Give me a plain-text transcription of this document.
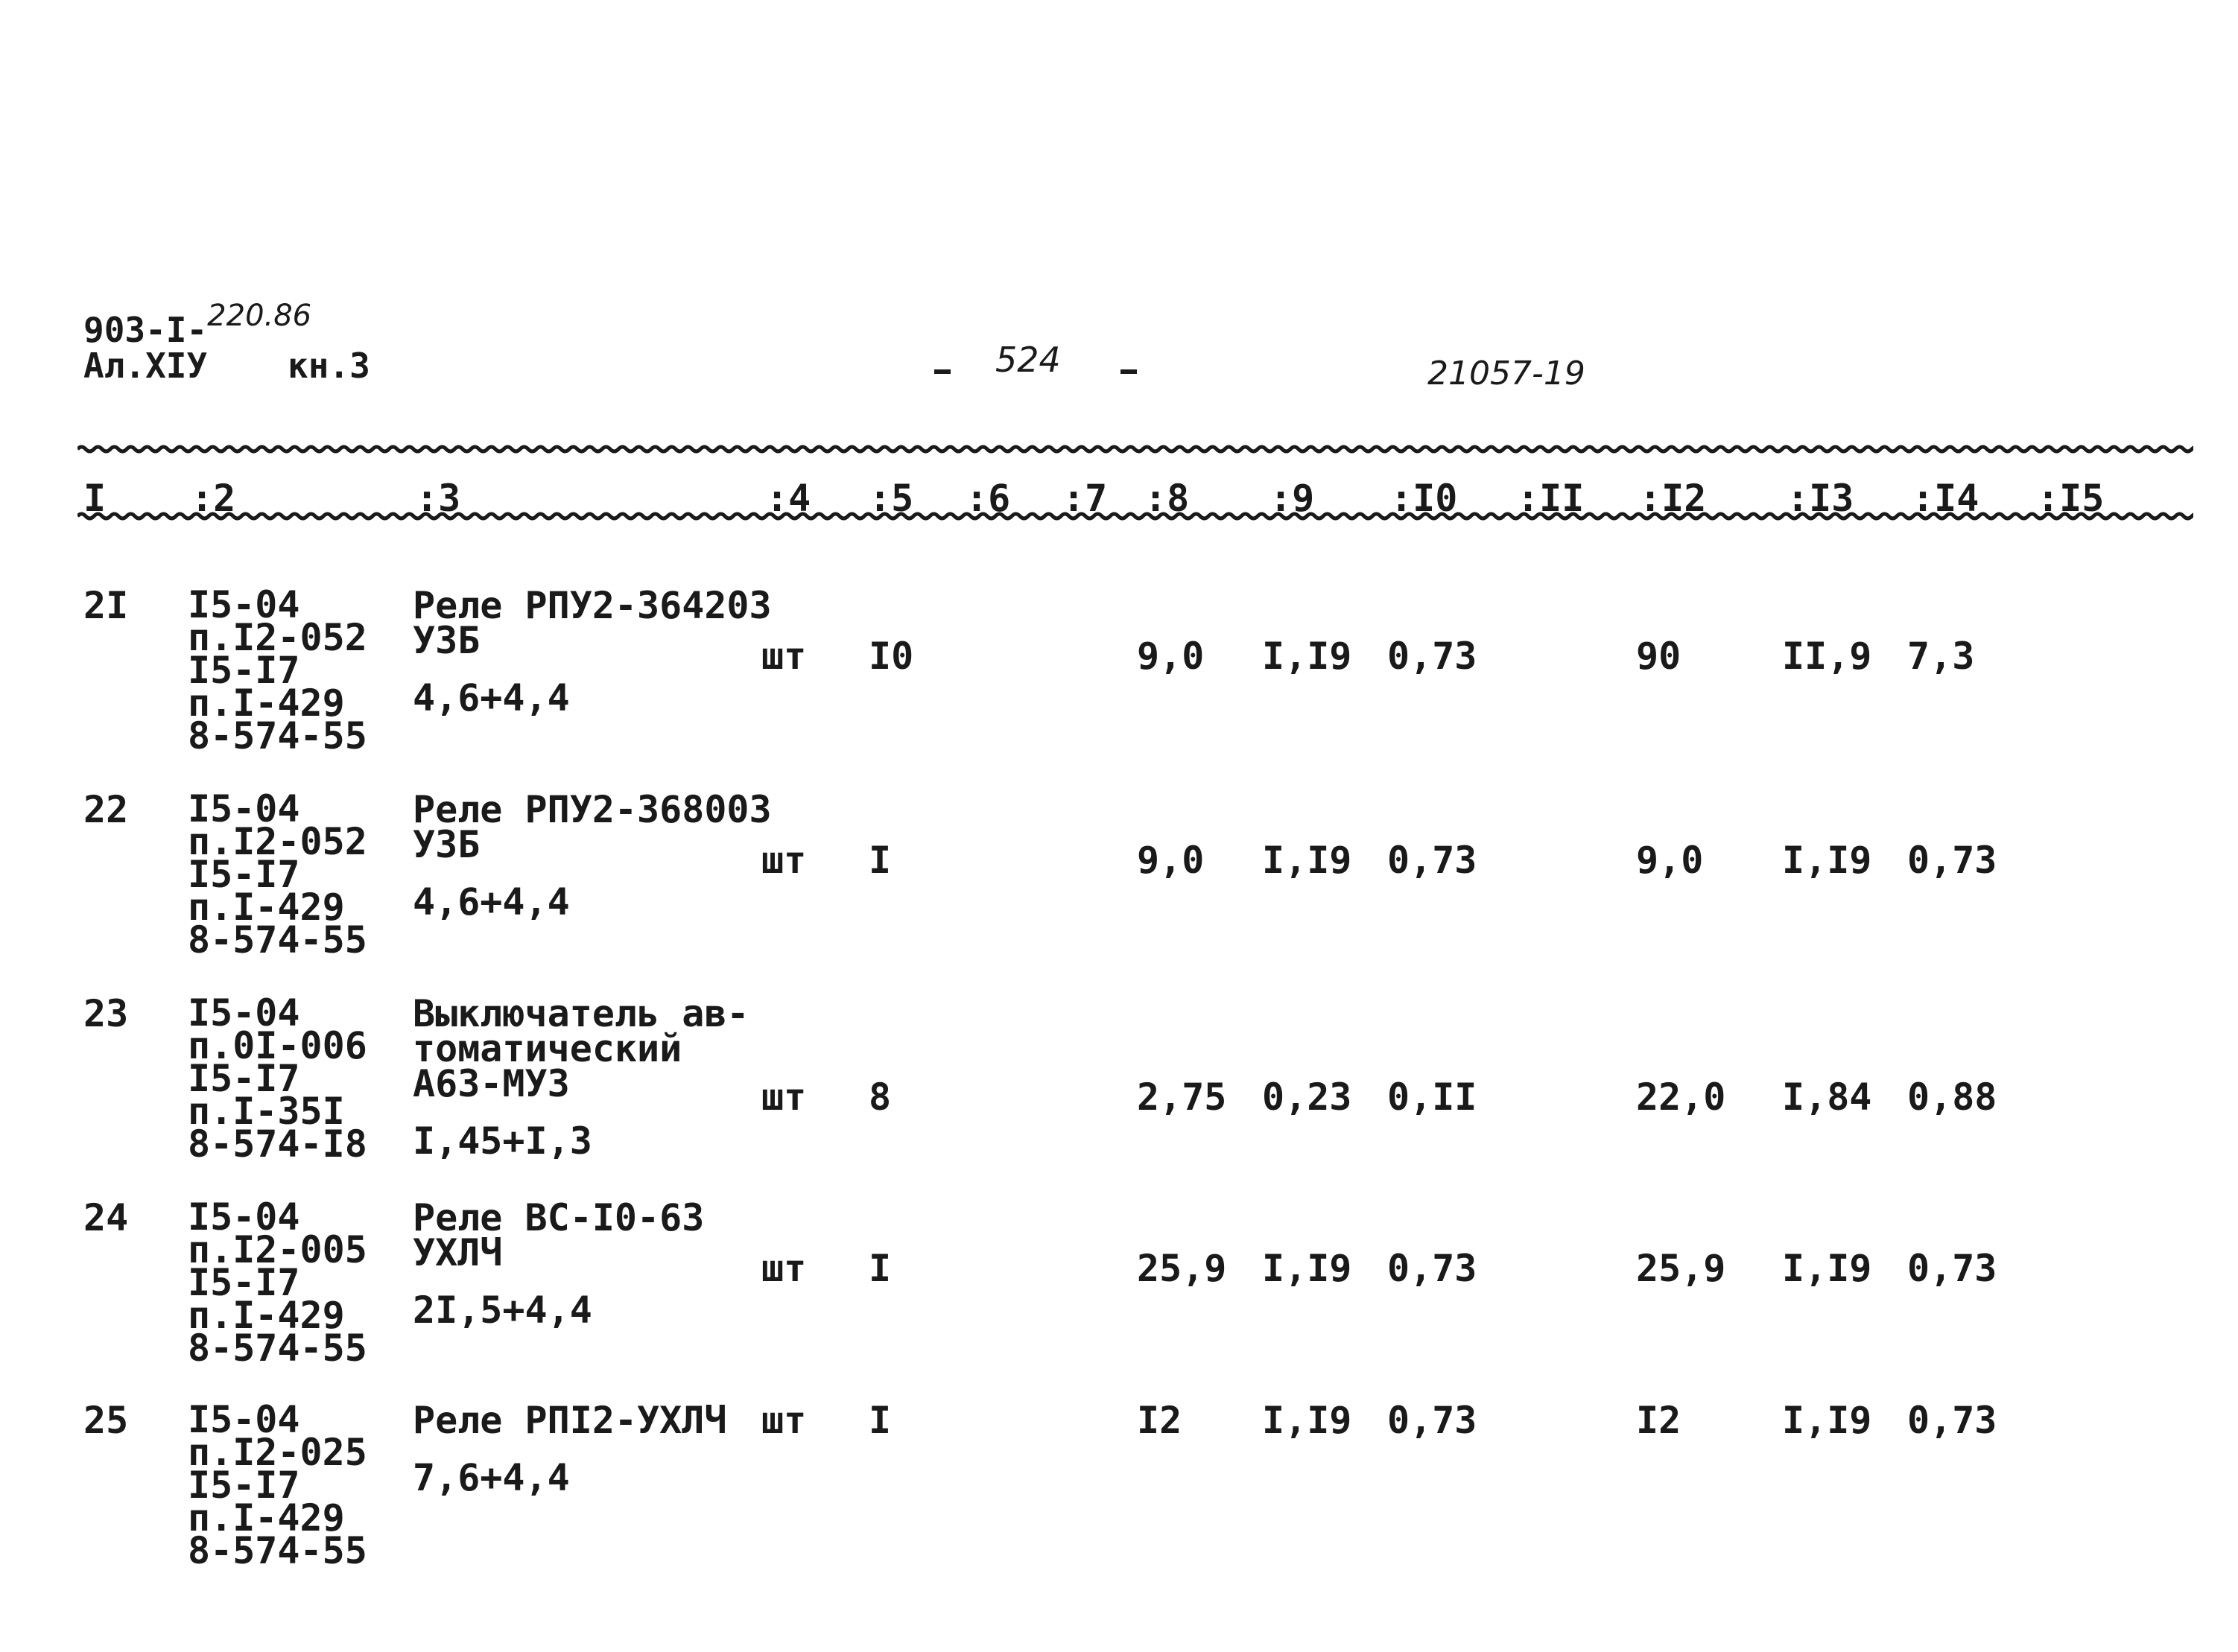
903-I-220.86
Ал.XIУ кн.3	524	21057-19
I :2	:3	:4 :5 :6 :7 :8 :9 :I0 :II :I2 :I3 :I4 :I5
2I I5-04
п.I2-052
I5-I7
п.I-429
8-574-55
Реле РПУ2-364203
УЗБ
4,6+4,4
шт I0	9,0 I,I9 0,73	90	II,9 7,3
22 I5-04
п.I2-052
I5-I7
п.I-429
8-574-55
Реле РПУ2-368003
УЗБ
4,6+4,4
шт I	9,0 I,I9 0,73	9,0 I,I9 0,73
23 I5-04
п.0I-006
I5-I7
п.I-35I
8-574-I8
Выключатель ав-
томатический
А63-МУЗ
I,45+I,3
шт 8	2,75 0,23 0,II	22,0 I,84 0,88
24 I5-04
п.I2-005
I5-I7
п.I-429
8-574-55
Реле ВС-I0-63
УХЛЧ
2I,5+4,4
шт I	25,9 I,I9 0,73	25,9 I,I9 0,73
25 I5-04
п.I2-025
I5-I7
п.I-429
8-574-55
Реле РПI2-УХЛЧ
7,6+4,4
шт I	I2 I,I9 0,73	I2	I,I9 0,73
